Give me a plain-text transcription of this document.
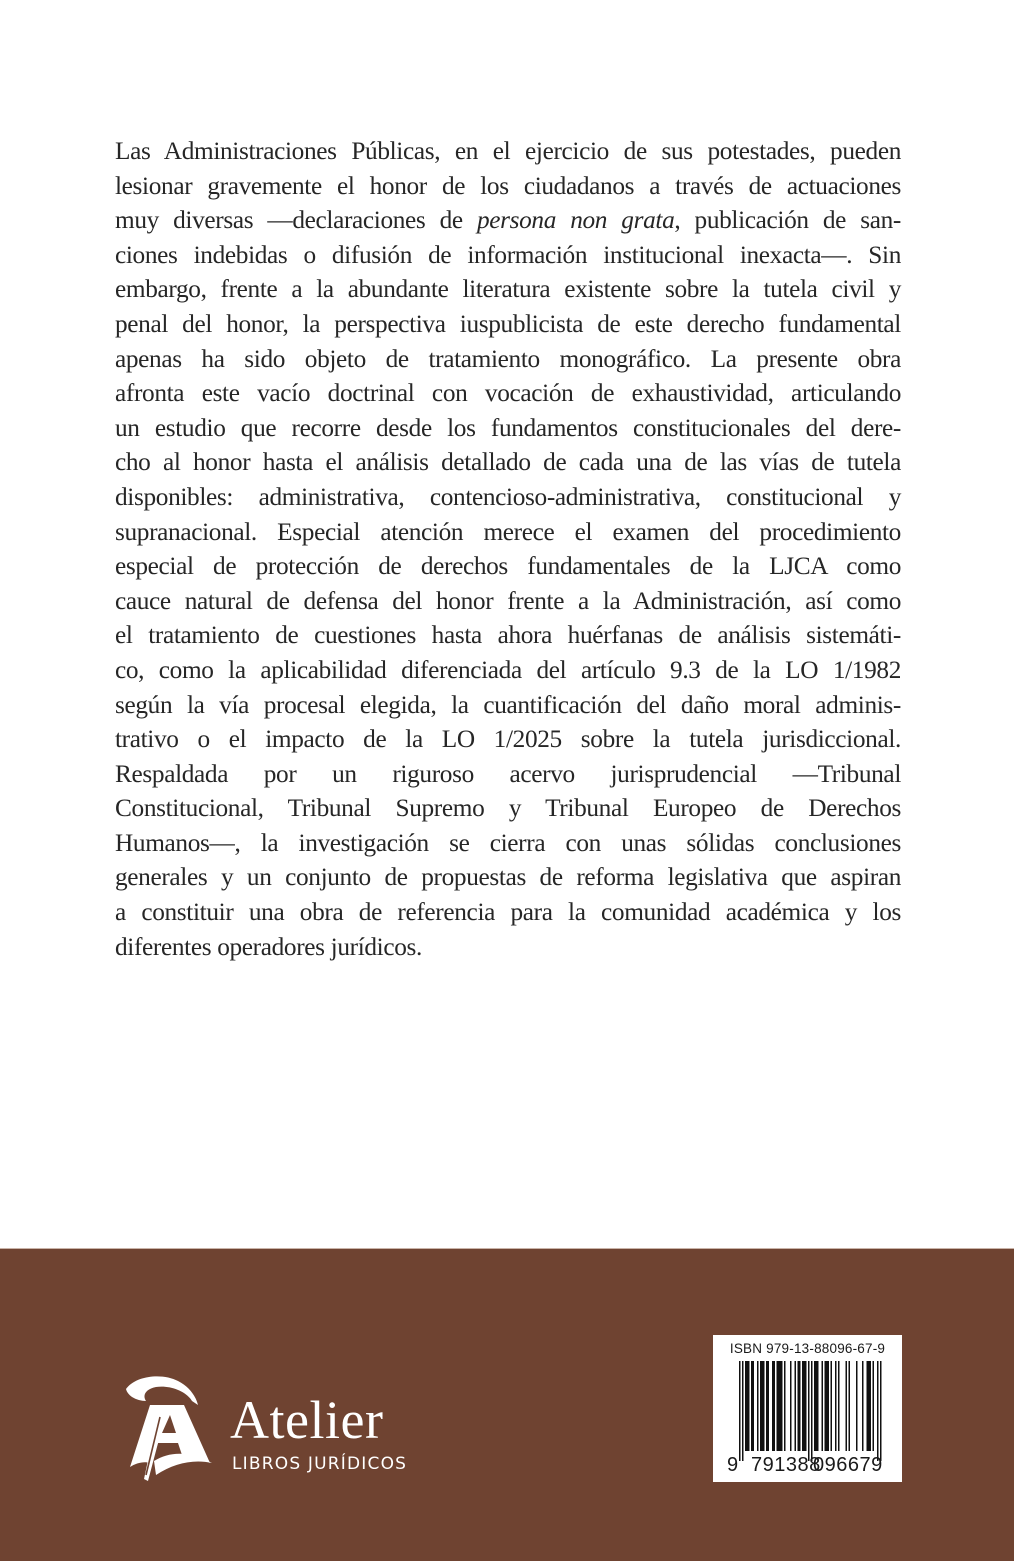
Las Administraciones Públicas, en el ejercicio de sus potestades, pueden
lesionar gravemente el honor de los ciudadanos a través de actuaciones
muy diversas —declaraciones de persona non grata, publicación de san-
ciones indebidas o difusión de información institucional inexacta—. Sin
embargo, frente a la abundante literatura existente sobre la tutela civil y
penal del honor, la perspectiva iuspublicista de este derecho fundamental
apenas ha sido objeto de tratamiento monográfico. La presente obra
afronta este vacío doctrinal con vocación de exhaustividad, articulando
un estudio que recorre desde los fundamentos constitucionales del dere-
cho al honor hasta el análisis detallado de cada una de las vías de tutela
disponibles: administrativa, contencioso-administrativa, constitucional y
supranacional. Especial atención merece el examen del procedimiento
especial de protección de derechos fundamentales de la LJCA como
cauce natural de defensa del honor frente a la Administración, así como
el tratamiento de cuestiones hasta ahora huérfanas de análisis sistemáti-
co, como la aplicabilidad diferenciada del artículo 9.3 de la LO 1/1982
según la vía procesal elegida, la cuantificación del daño moral adminis-
trativo o el impacto de la LO 1/2025 sobre la tutela jurisdiccional.
Respaldada por un riguroso acervo jurisprudencial —Tribunal
Constitucional, Tribunal Supremo y Tribunal Europeo de Derechos
Humanos—, la investigación se cierra con unas sólidas conclusiones
generales y un conjunto de propuestas de reforma legislativa que aspiran
a constituir una obra de referencia para la comunidad académica y los
diferentes operadores jurídicos.
Atelier
LIBROS JURÍDICOS
ISBN 979-13-88096-67-9
9 791388
096679
